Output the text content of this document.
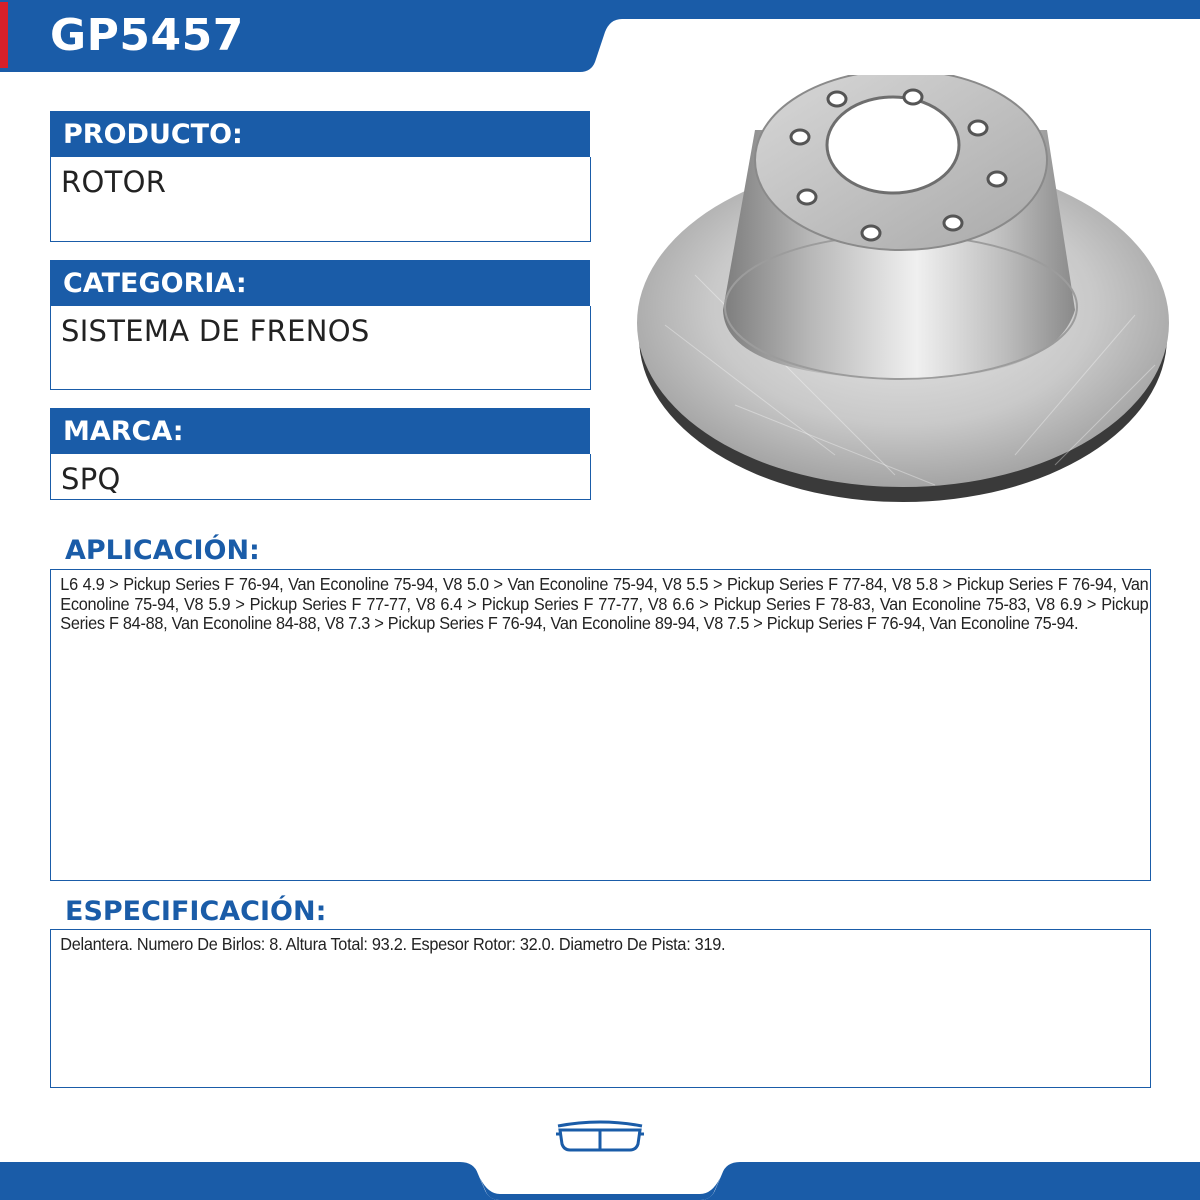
GP5457
PRODUCTO:
ROTOR
CATEGORIA:
SISTEMA DE FRENOS
MARCA:
SPQ
APLICACIÓN:

L6 4.9 > Pickup Series F 76-94, Van Econoline 75-94, V8 5.0 > Van Econoline 75-94, V8 5.5 > Pickup Series F 77-84, V8 5.8 > Pickup Series F 76-94, Van Econoline 75-94, V8 5.9 > Pickup Series F 77-77, V8 6.4 > Pickup Series F 77-77, V8 6.6 > Pickup Series F 78-83, Van Econoline 75-83, V8 6.9 > Pickup Series F 84-88, Van Econoline 84-88, V8 7.3 > Pickup Series F 76-94, Van Econoline 89-94, V8 7.5 > Pickup Series F 76-94, Van Econoline 75-94.

ESPECIFICACIÓN:

Delantera. Numero De Birlos: 8. Altura Total: 93.2. Espesor Rotor: 32.0. Diametro De Pista: 319.

FRENOS
